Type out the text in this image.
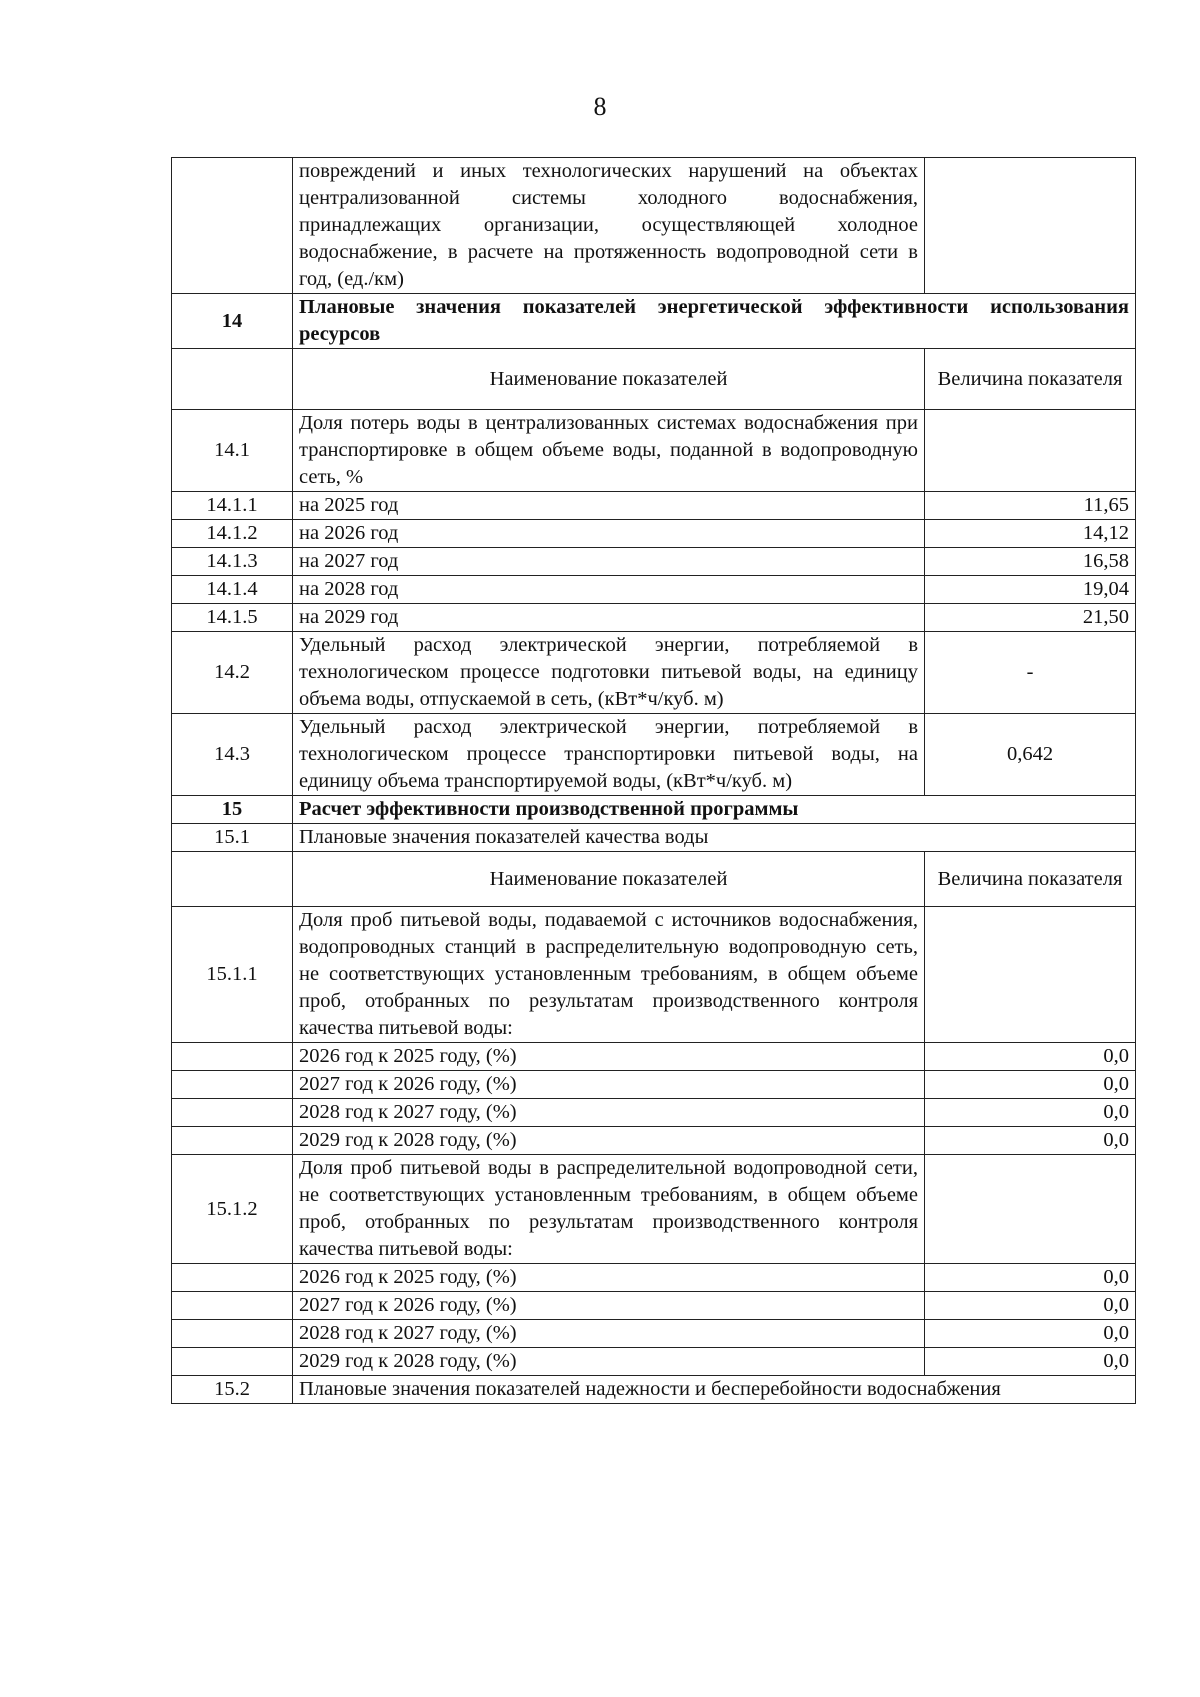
8
	повреждений и иных технологических нарушений на объектах централизованной системы холодного водоснабжения, принадлежащих организации, осуществляющей холодное водоснабжение, в расчете на протяженность водопроводной сети в год, (ед./км)	
14	Плановые значения показателей энергетической эффективности использования ресурсов	
	Наименование показателей	Величина показателя
14.1	Доля потерь воды в централизованных системах водоснабжения при транспортировке в общем объеме воды, поданной в водопроводную сеть, %	
14.1.1	на 2025 год	11,65
14.1.2	на 2026 год	14,12
14.1.3	на 2027 год	16,58
14.1.4	на 2028 год	19,04
14.1.5	на 2029 год	21,50
14.2	Удельный расход электрической энергии, потребляемой в технологическом процессе подготовки питьевой воды, на единицу объема воды, отпускаемой в сеть, (кВт*ч/куб. м)	-
14.3	Удельный расход электрической энергии, потребляемой в технологическом процессе транспортировки питьевой воды, на единицу объема транспортируемой воды, (кВт*ч/куб. м)	0,642
15	Расчет эффективности производственной программы	
15.1	Плановые значения показателей качества воды	
	Наименование показателей	Величина показателя
15.1.1	Доля проб питьевой воды, подаваемой с источников водоснабжения, водопроводных станций в распределительную водопроводную сеть, не соответствующих установленным требованиям, в общем объеме проб, отобранных по результатам производственного контроля качества питьевой воды:	
	2026 год к 2025 году, (%)	0,0
	2027 год к 2026 году, (%)	0,0
	2028 год к 2027 году, (%)	0,0
	2029 год к 2028 году, (%)	0,0
15.1.2	Доля проб питьевой воды в распределительной водопроводной сети, не соответствующих установленным требованиям, в общем объеме проб, отобранных по результатам производственного контроля качества питьевой воды:	
	2026 год к 2025 году, (%)	0,0
	2027 год к 2026 году, (%)	0,0
	2028 год к 2027 году, (%)	0,0
	2029 год к 2028 году, (%)	0,0
15.2	Плановые значения показателей надежности и бесперебойности водоснабжения	
